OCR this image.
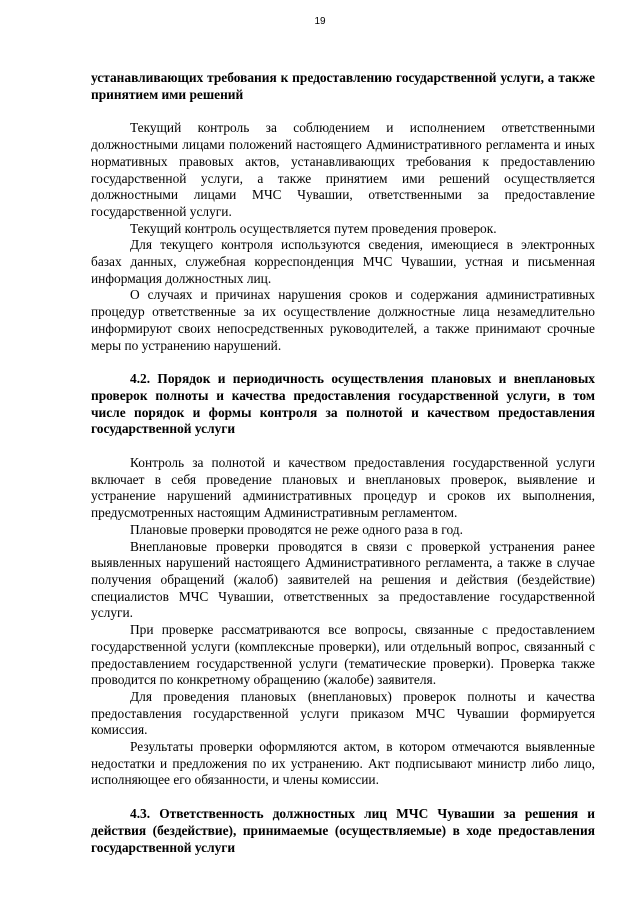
19

устанавливающих требования к предоставлению государственной услуги, а также принятием ими решений

Текущий контроль за соблюдением и исполнением ответственными должностными лицами положений настоящего Административного регламента и иных нормативных правовых актов, устанавливающих требования к предоставлению государственной услуги, а также принятием ими решений осуществляется должностными лицами МЧС Чувашии, ответственными за предоставление государственной услуги.

Текущий контроль осуществляется путем проведения проверок.

Для текущего контроля используются сведения, имеющиеся в электронных базах данных, служебная корреспонденция МЧС Чувашии, устная и письменная информация должностных лиц.

О случаях и причинах нарушения сроков и содержания административных процедур ответственные за их осуществление должностные лица незамедлительно информируют своих непосредственных руководителей, а также принимают срочные меры по устранению нарушений.

4.2. Порядок и периодичность осуществления плановых и внеплановых проверок полноты и качества предоставления государственной услуги, в том числе порядок и формы контроля за полнотой и качеством предоставления государственной услуги

Контроль за полнотой и качеством предоставления государственной услуги включает в себя проведение плановых и внеплановых проверок, выявление и устранение нарушений административных процедур и сроков их выполнения, предусмотренных настоящим Административным регламентом.

Плановые проверки проводятся не реже одного раза в год.

Внеплановые проверки проводятся в связи с проверкой устранения ранее выявленных нарушений настоящего Административного регламента, а также в случае получения обращений (жалоб) заявителей на решения и действия (бездействие) специалистов МЧС Чувашии, ответственных за предоставление государственной услуги.

При проверке рассматриваются все вопросы, связанные с предоставлением государственной услуги (комплексные проверки), или отдельный вопрос, связанный с предоставлением государственной услуги (тематические проверки). Проверка также проводится по конкретному обращению (жалобе) заявителя.

Для проведения плановых (внеплановых) проверок полноты и качества предоставления государственной услуги приказом МЧС Чувашии формируется комиссия.

Результаты проверки оформляются актом, в котором отмечаются выявленные недостатки и предложения по их устранению. Акт подписывают министр либо лицо, исполняющее его обязанности, и члены комиссии.

4.3. Ответственность должностных лиц МЧС Чувашии за решения и действия (бездействие), принимаемые (осуществляемые) в ходе предоставления государственной услуги
